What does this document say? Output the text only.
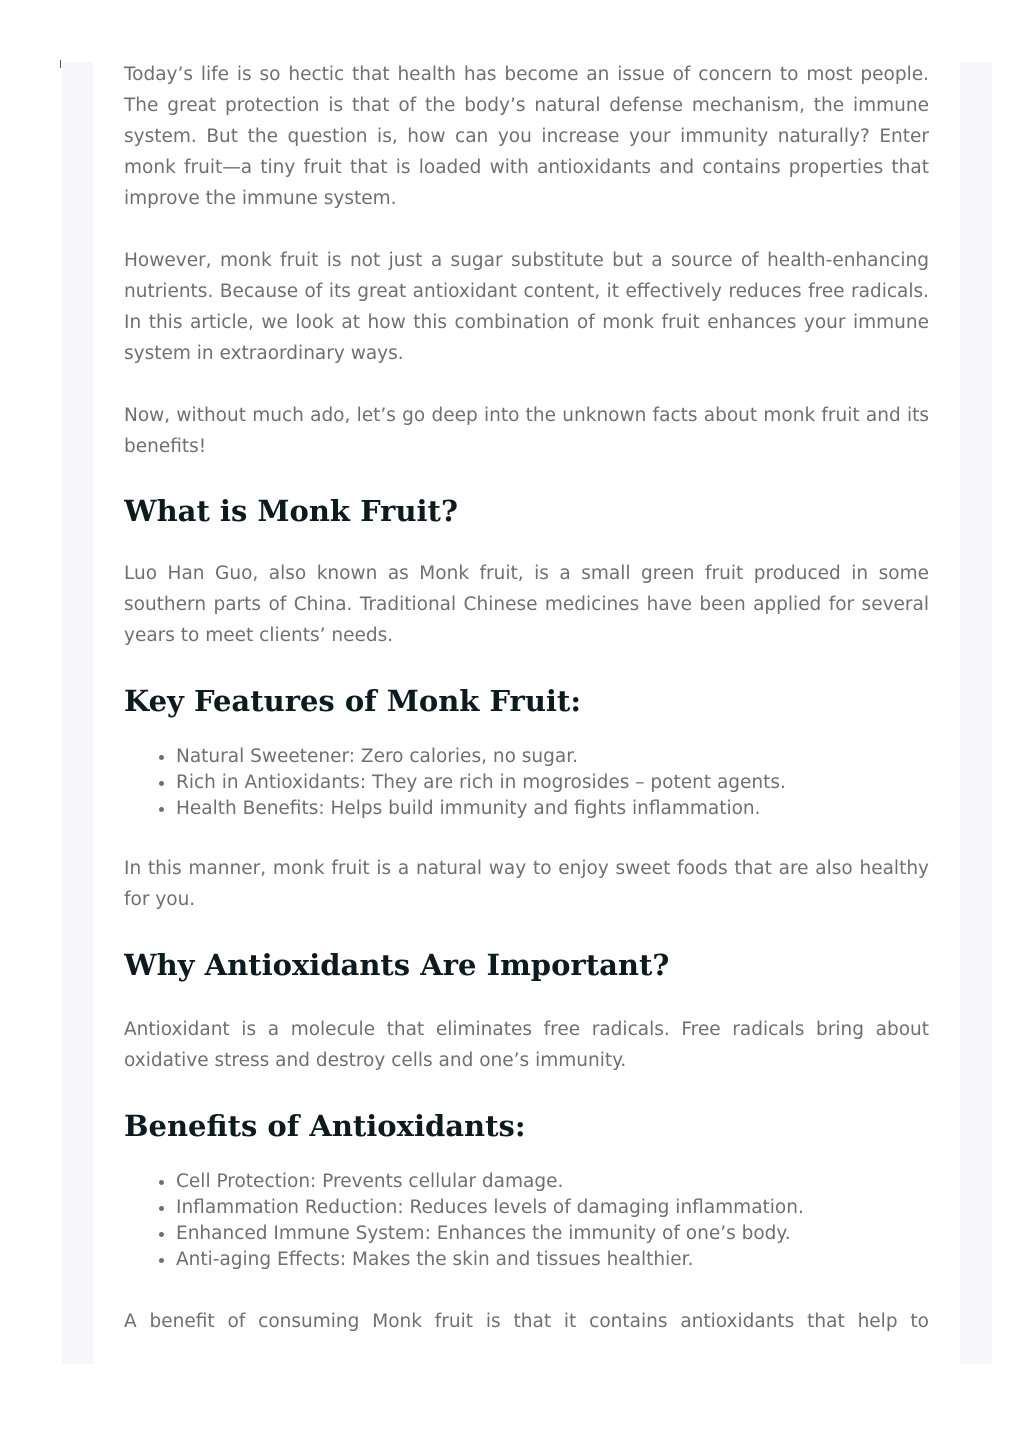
Today’s life is so hectic that health has become an issue of concern to most people. The great protection is that of the body’s natural defense mechanism, the immune system. But the question is, how can you increase your immunity naturally? Enter monk fruit—a tiny fruit that is loaded with antioxidants and contains properties that improve the immune system.

However, monk fruit is not just a sugar substitute but a source of health-enhancing nutrients. Because of its great antioxidant content, it effectively reduces free radicals. In this article, we look at how this combination of monk fruit enhances your immune system in extraordinary ways.

Now, without much ado, let’s go deep into the unknown facts about monk fruit and its benefits!

What is Monk Fruit?

Luo Han Guo, also known as Monk fruit, is a small green fruit produced in some southern parts of China. Traditional Chinese medicines have been applied for several years to meet clients’ needs.

Key Features of Monk Fruit:
• Natural Sweetener: Zero calories, no sugar.
• Rich in Antioxidants: They are rich in mogrosides – potent agents.
• Health Benefits: Helps build immunity and fights inflammation.

In this manner, monk fruit is a natural way to enjoy sweet foods that are also healthy for you.

Why Antioxidants Are Important?

Antioxidant is a molecule that eliminates free radicals. Free radicals bring about oxidative stress and destroy cells and one’s immunity.

Benefits of Antioxidants:
• Cell Protection: Prevents cellular damage.
• Inflammation Reduction: Reduces levels of damaging inflammation.
• Enhanced Immune System: Enhances the immunity of one’s body.
• Anti-aging Effects: Makes the skin and tissues healthier.

A benefit of consuming Monk fruit is that it contains antioxidants that help to
